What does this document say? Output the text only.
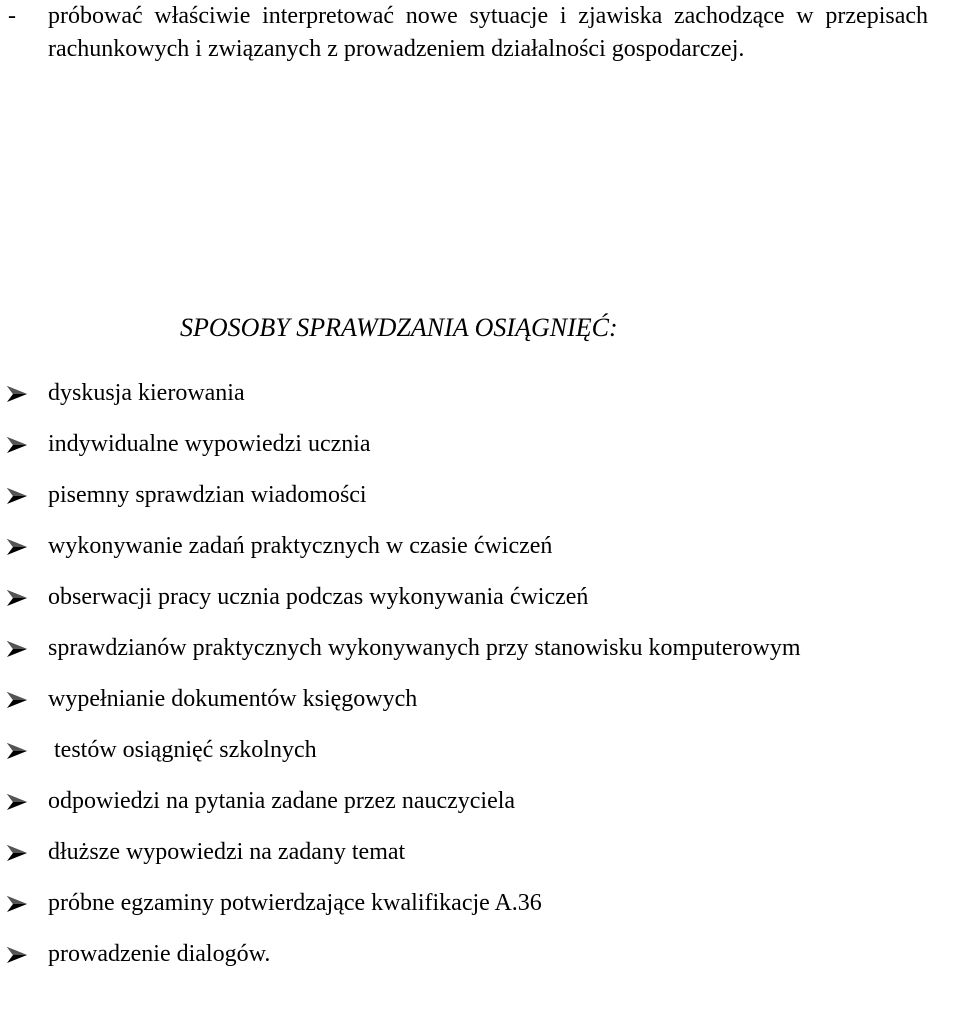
- próbować właściwie interpretować nowe sytuacje i zjawiska zachodzące w przepisach rachunkowych i związanych z prowadzeniem działalności gospodarczej.

SPOSOBY SPRAWDZANIA OSIĄGNIĘĆ:
dyskusja kierowania
indywidualne wypowiedzi ucznia
pisemny sprawdzian wiadomości
wykonywanie zadań praktycznych w czasie ćwiczeń
obserwacji pracy ucznia podczas wykonywania ćwiczeń
sprawdzianów praktycznych wykonywanych przy stanowisku komputerowym
wypełnianie dokumentów księgowych
testów osiągnięć szkolnych
odpowiedzi na pytania zadane przez nauczyciela
dłuższe wypowiedzi na zadany temat
próbne egzaminy potwierdzające kwalifikacje A.36
prowadzenie dialogów.
